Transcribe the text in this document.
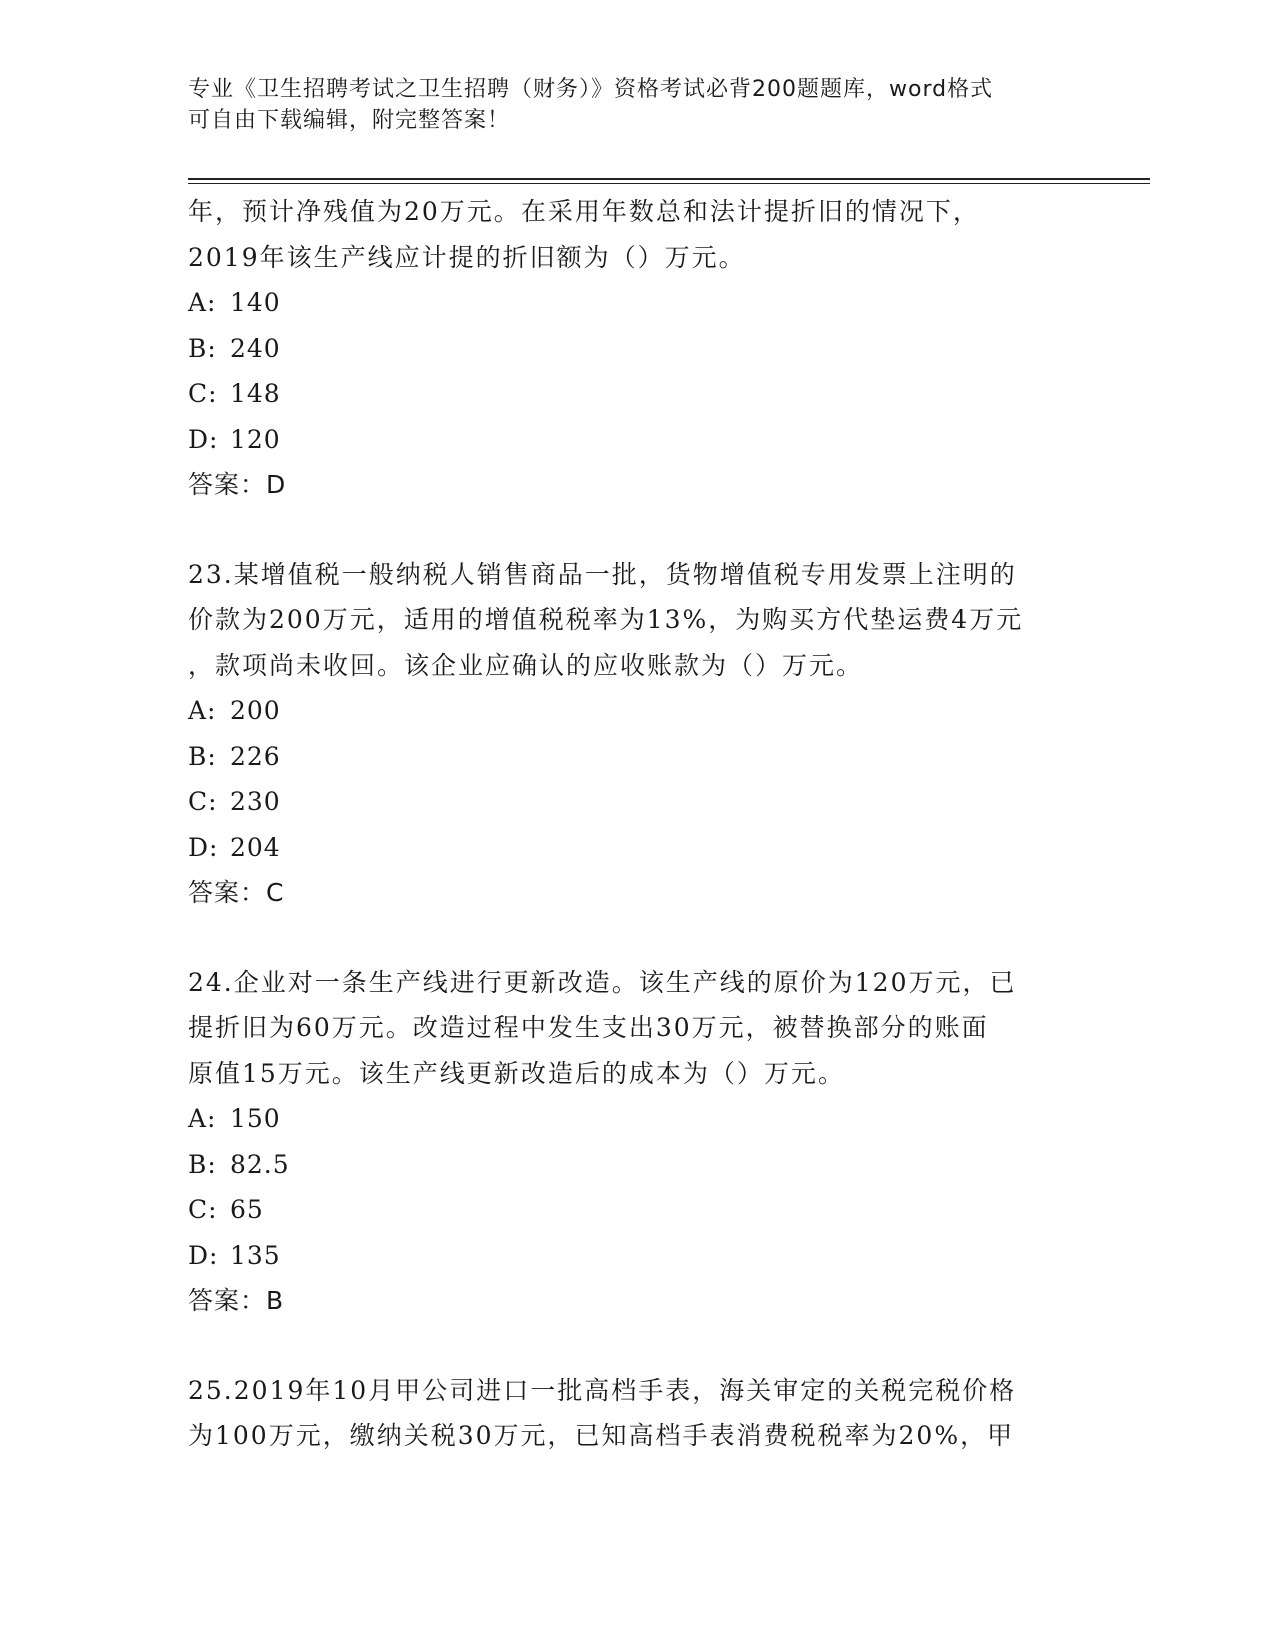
专业《卫生招聘考试之卫生招聘（财务）》资格考试必背200题题库，word格式
可自由下载编辑，附完整答案！
年，预计净残值为20万元。在采用年数总和法计提折旧的情况下，
2019年该生产线应计提的折旧额为（）万元。
A: 140
B: 240
C: 148
D: 120
答案：D
23.某增值税一般纳税人销售商品一批，货物增值税专用发票上注明的
价款为200万元，适用的增值税税率为13%，为购买方代垫运费4万元
，款项尚未收回。该企业应确认的应收账款为（）万元。
A: 200
B: 226
C: 230
D: 204
答案：C
24.企业对一条生产线进行更新改造。该生产线的原价为120万元，已
提折旧为60万元。改造过程中发生支出30万元，被替换部分的账面
原值15万元。该生产线更新改造后的成本为（）万元。
A: 150
B: 82.5
C: 65
D: 135
答案：B
25.2019年10月甲公司进口一批高档手表，海关审定的关税完税价格
为100万元，缴纳关税30万元，已知高档手表消费税税率为20%，甲
